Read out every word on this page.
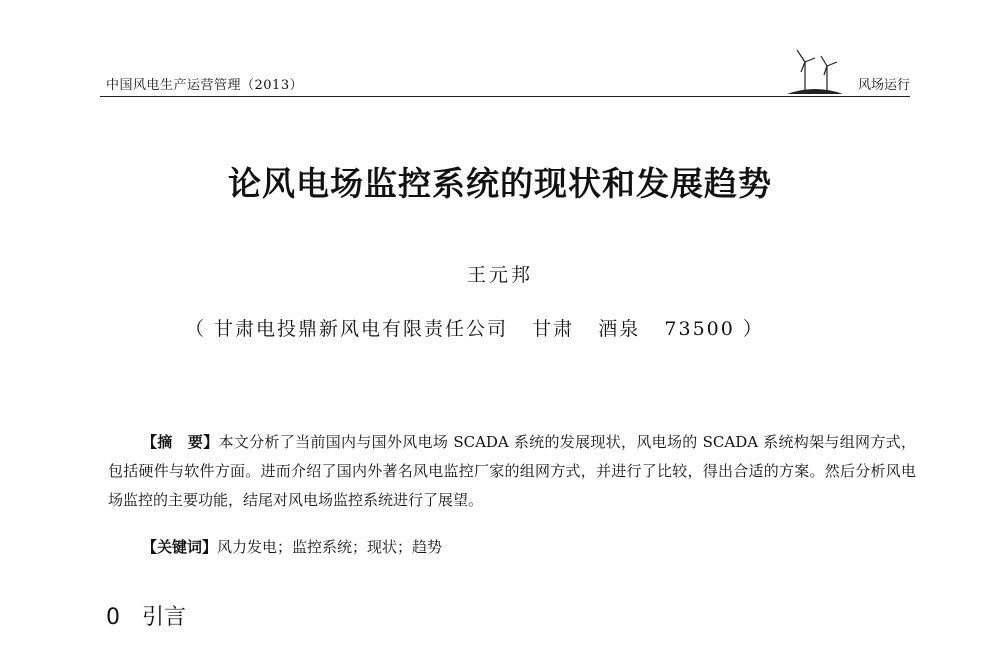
中国风电生产运营管理（2013）	风场运行
论风电场监控系统的现状和发展趋势
王元邦
（ 甘肃电投鼎新风电有限责任公司   甘肃   酒泉   73500 ）
【摘　要】本文分析了当前国内与国外风电场 SCADA 系统的发展现状，风电场的 SCADA 系统构架与组网方式，包括硬件与软件方面。进而介绍了国内外著名风电监控厂家的组网方式，并进行了比较，得出合适的方案。然后分析风电场监控的主要功能，结尾对风电场监控系统进行了展望。
【关键词】风力发电；监控系统；现状；趋势
0 引言
